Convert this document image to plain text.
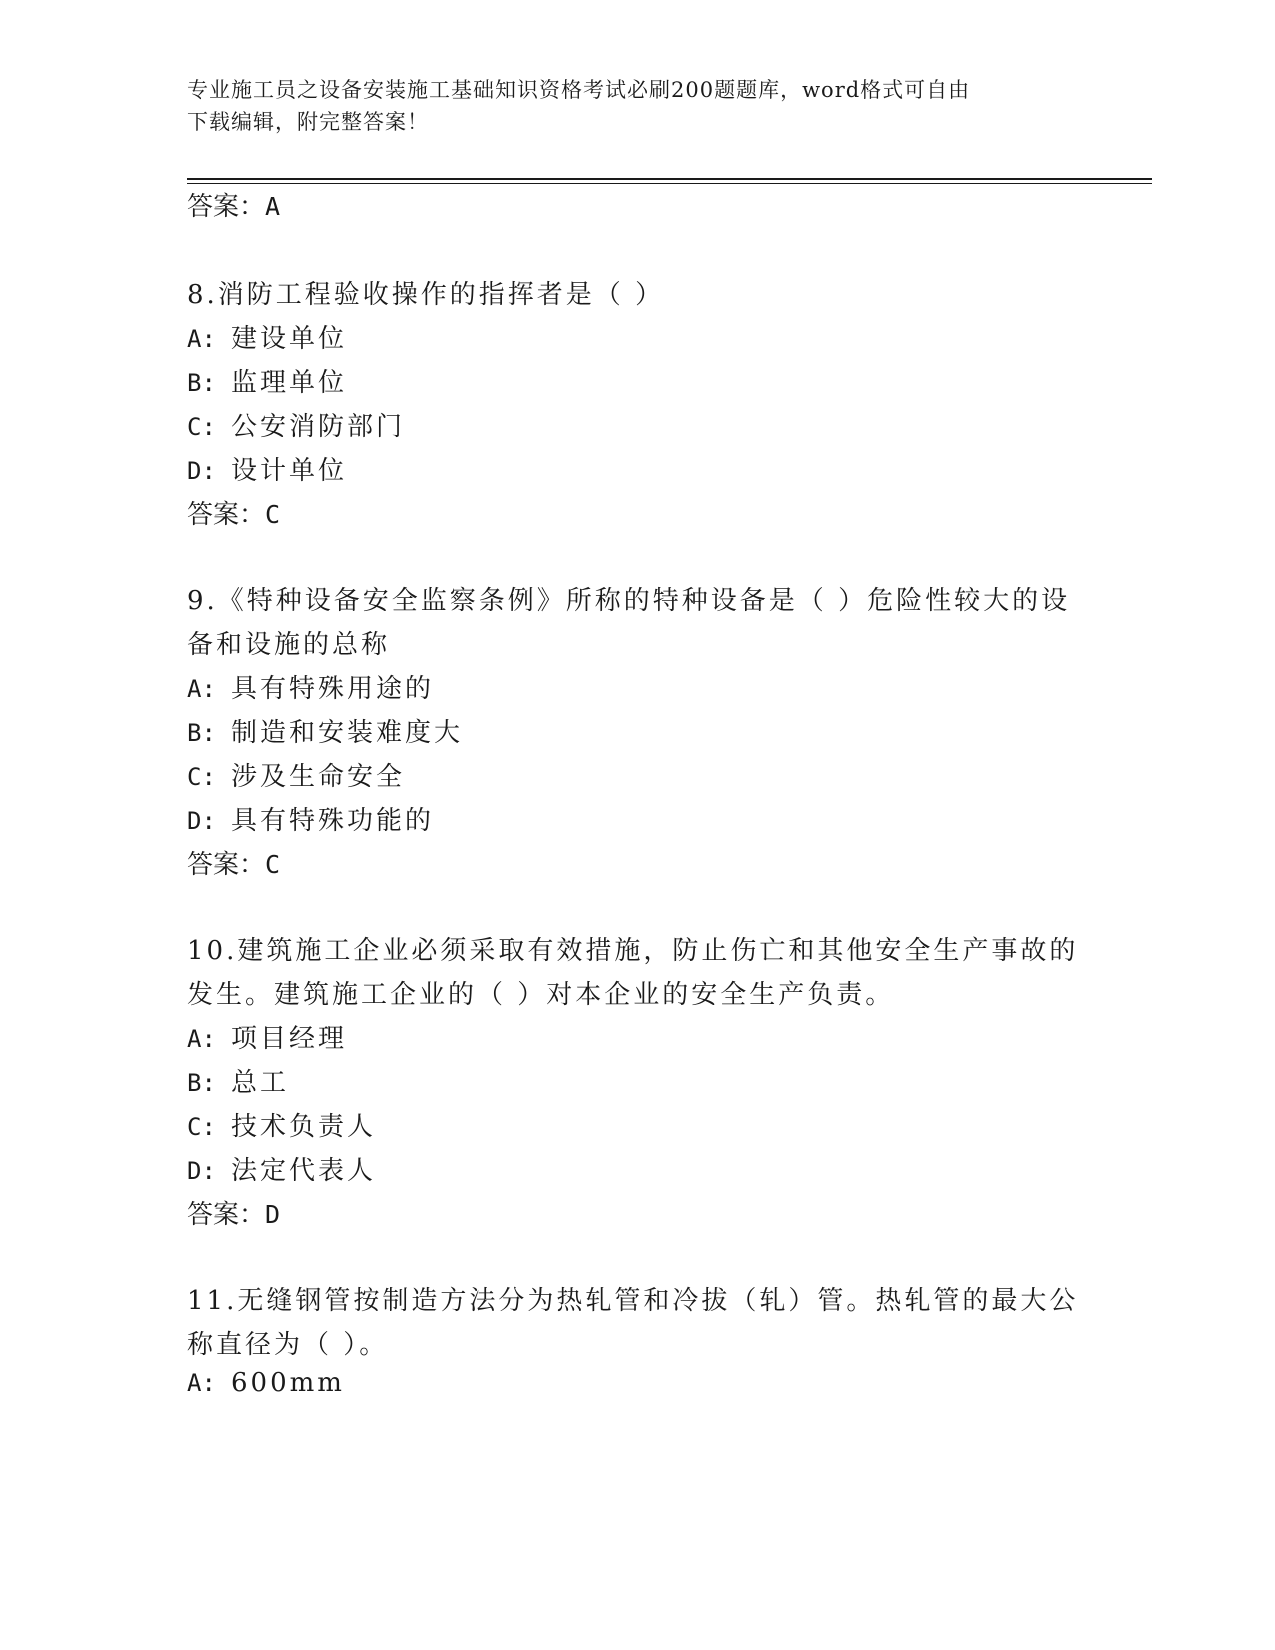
专业施工员之设备安装施工基础知识资格考试必刷200题题库，word格式可自由
下载编辑，附完整答案！
答案：A
8.消防工程验收操作的指挥者是（ ）
A: 建设单位
B: 监理单位
C: 公安消防部门
D: 设计单位
答案：C
9.《特种设备安全监察条例》所称的特种设备是（ ）危险性较大的设
备和设施的总称
A: 具有特殊用途的
B: 制造和安装难度大
C: 涉及生命安全
D: 具有特殊功能的
答案：C
10.建筑施工企业必须采取有效措施，防止伤亡和其他安全生产事故的
发生。建筑施工企业的（ ）对本企业的安全生产负责。
A: 项目经理
B: 总工
C: 技术负责人
D: 法定代表人
答案：D
11.无缝钢管按制造方法分为热轧管和冷拔（轧）管。热轧管的最大公
称直径为（ ）。
A: 600mm
